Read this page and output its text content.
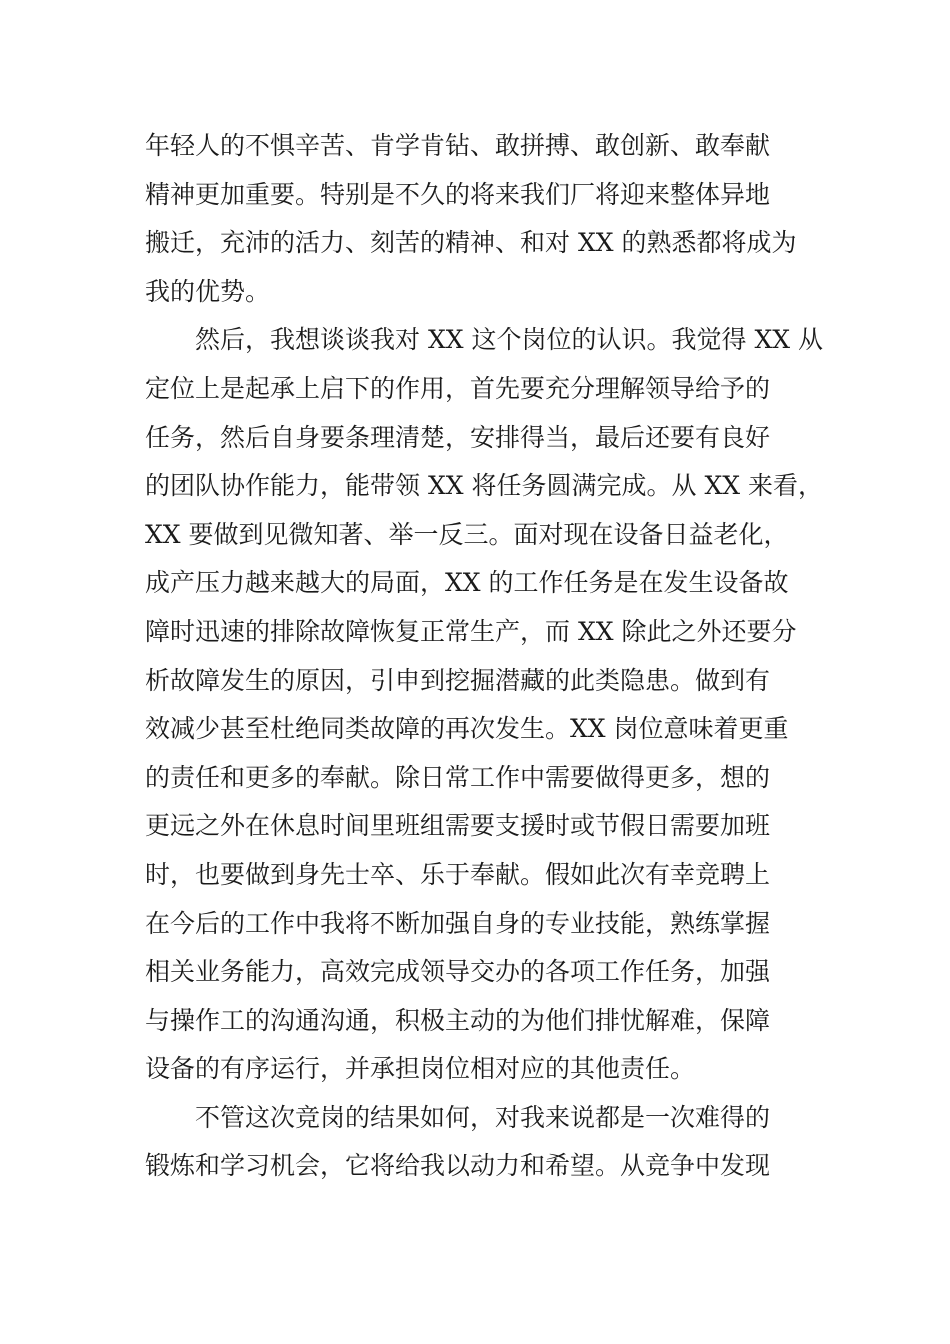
年轻人的不惧辛苦、肯学肯钻、敢拼搏、敢创新、敢奉献
精神更加重要。特别是不久的将来我们厂将迎来整体异地
搬迁，充沛的活力、刻苦的精神、和对 XX 的熟悉都将成为
我的优势。
然后，我想谈谈我对 XX 这个岗位的认识。我觉得 XX 从
定位上是起承上启下的作用，首先要充分理解领导给予的
任务，然后自身要条理清楚，安排得当，最后还要有良好
的团队协作能力，能带领 XX 将任务圆满完成。从 XX 来看，
XX 要做到见微知著、举一反三。面对现在设备日益老化，
成产压力越来越大的局面，XX 的工作任务是在发生设备故
障时迅速的排除故障恢复正常生产，而 XX 除此之外还要分
析故障发生的原因，引申到挖掘潜藏的此类隐患。做到有
效减少甚至杜绝同类故障的再次发生。XX 岗位意味着更重
的责任和更多的奉献。除日常工作中需要做得更多，想的
更远之外在休息时间里班组需要支援时或节假日需要加班
时，也要做到身先士卒、乐于奉献。假如此次有幸竞聘上
在今后的工作中我将不断加强自身的专业技能，熟练掌握
相关业务能力，高效完成领导交办的各项工作任务，加强
与操作工的沟通沟通，积极主动的为他们排忧解难，保障
设备的有序运行，并承担岗位相对应的其他责任。
不管这次竞岗的结果如何，对我来说都是一次难得的
锻炼和学习机会，它将给我以动力和希望。从竞争中发现
